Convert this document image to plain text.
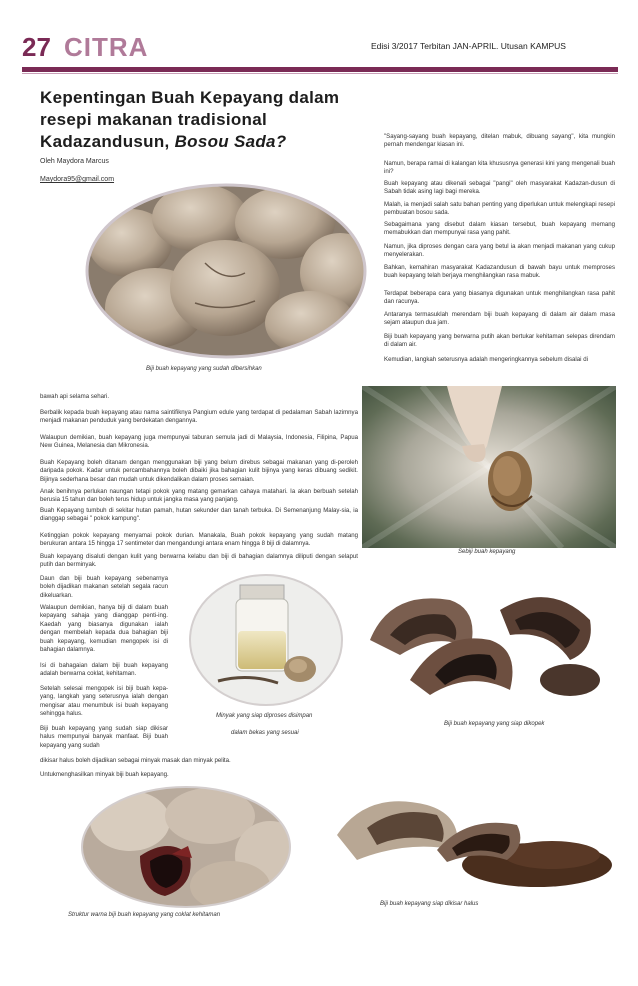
27 CITRA	Edisi 3/2017 Terbitan JAN-APRIL. Utusan KAMPUS
Kepentingan Buah Kepayang dalam resepi makanan tradisional Kadazandusun, Bosou Sada?
Oleh Maydora Marcus
Maydora95@gmail.com
Biji buah kepayang yang sudah dibersihkan
"Sayang-sayang buah kepayang, ditelan mabuk, dibuang sayang", kita mungkin pernah mendengar kiasan ini.
Namun, berapa ramai di kalangan kita khususnya generasi kini yang mengenali buah ini?
Buah kepayang atau dikenali sebagai "pangi" oleh masyarakat Kadazan-dusun di Sabah tidak asing lagi bagi mereka.
Malah, ia menjadi salah satu bahan penting yang diperlukan untuk melengkapi resepi pembuatan bosou sada.
Sebagaimana yang disebut dalam kiasan tersebut, buah kepayang memang memabukkan dan mempunyai rasa yang pahit.
Namun, jika diproses dengan cara yang betul ia akan menjadi makanan yang cukup menyelerakan.
Bahkan, kemahiran masyarakat Kadazandusun di bawah bayu untuk memproses buah kepayang telah berjaya menghilangkan rasa mabuk.
Terdapat beberapa cara yang biasanya digunakan untuk menghilangkan rasa pahit dan racunya.
Antaranya termasuklah merendam biji buah kepayang di dalam air dalam masa sejam ataupun dua jam.
Biji buah kepayang yang berwarna putih akan bertukar kehitaman selepas direndam di dalam air.
Kemudian, langkah seterusnya adalah mengeringkannya sebelum disalai di
bawah api selama sehari.
Berbalik kepada buah kepayang atau nama saintifiknya Pangium edule yang terdapat di pedalaman Sabah lazimnya menjadi makanan penduduk yang berdekatan dengannya.
Walaupun demikian, buah kepayang juga mempunyai taburan semula jadi di Malaysia, Indonesia, Filipina, Papua New Guinea, Melanesia dan Mikronesia.
Buah Kepayang boleh ditanam dengan menggunakan biji yang belum direbus sebagai makanan yang di-peroleh daripada pokok. Kadar untuk percambahannya boleh dibaiki jika bahagian kulit bijinya yang keras dibuang sedikit. Bijinya sederhana besar dan mudah untuk dikendalikan dalam proses semaian.
Anak benihnya perlukan naungan tetapi pokok yang matang gemarkan cahaya matahari. Ia akan berbuah setelah berusia 15 tahun dan boleh terus hidup untuk jangka masa yang panjang.
Buah Kepayang tumbuh di sekitar hutan pamah, hutan sekunder dan tanah terbuka. Di Semenanjung Malay-sia, ia dianggap sebagai " pokok kampung".
Ketinggian pokok kepayang menyamai pokok durian. Manakala, Buah pokok kepayang yang sudah matang berukuran antara 15 hingga 17 sentimeter dan mengandungi antara enam hingga 8 biji di dalamnya.
Buah kepayang disaluti dengan kulit yang berwarna kelabu dan biji di bahagian dalamnya diliputi dengan selaput putih dan berminyak.
Sebiji buah kepayang
Daun dan biji buah kepayang sebenarnya boleh dijadikan makanan setelah segala racun dikeluarkan.
Walaupun demikian, hanya biji di dalam buah kepayang sahaja yang dianggap penti-ing. Kaedah yang biasanya digunakan ialah dengan membelah kepada dua bahagian biji buah kepayang, kemudian mengopek isi di bahagian dalamnya.
Isi di bahagaian dalam biji buah kepayang adalah berwarna coklat, kehitaman.
Setelah selesai mengopek isi biji buah kepa-yang, langkah yang seterusnya ialah dengan mengisar atau menumbuk isi buah kepayang sehingga halus.
Biji buah kepayang yang sudah siap dikisar halus mempunyai banyak manfaat. Biji buah kepayang yang sudah
Minyak yang siap diproses disimpan
dalam bekas yang sesuai
Biji buah kepayang yang siap dikopek
dikisar halus boleh dijadikan sebagai minyak masak dan minyak pelita.
Untukmenghasilkan minyak biji buah kepayang.
Struktur warna biji buah kepayang yang coklat kehitaman
Biji buah kepayang siap dikisar halus
